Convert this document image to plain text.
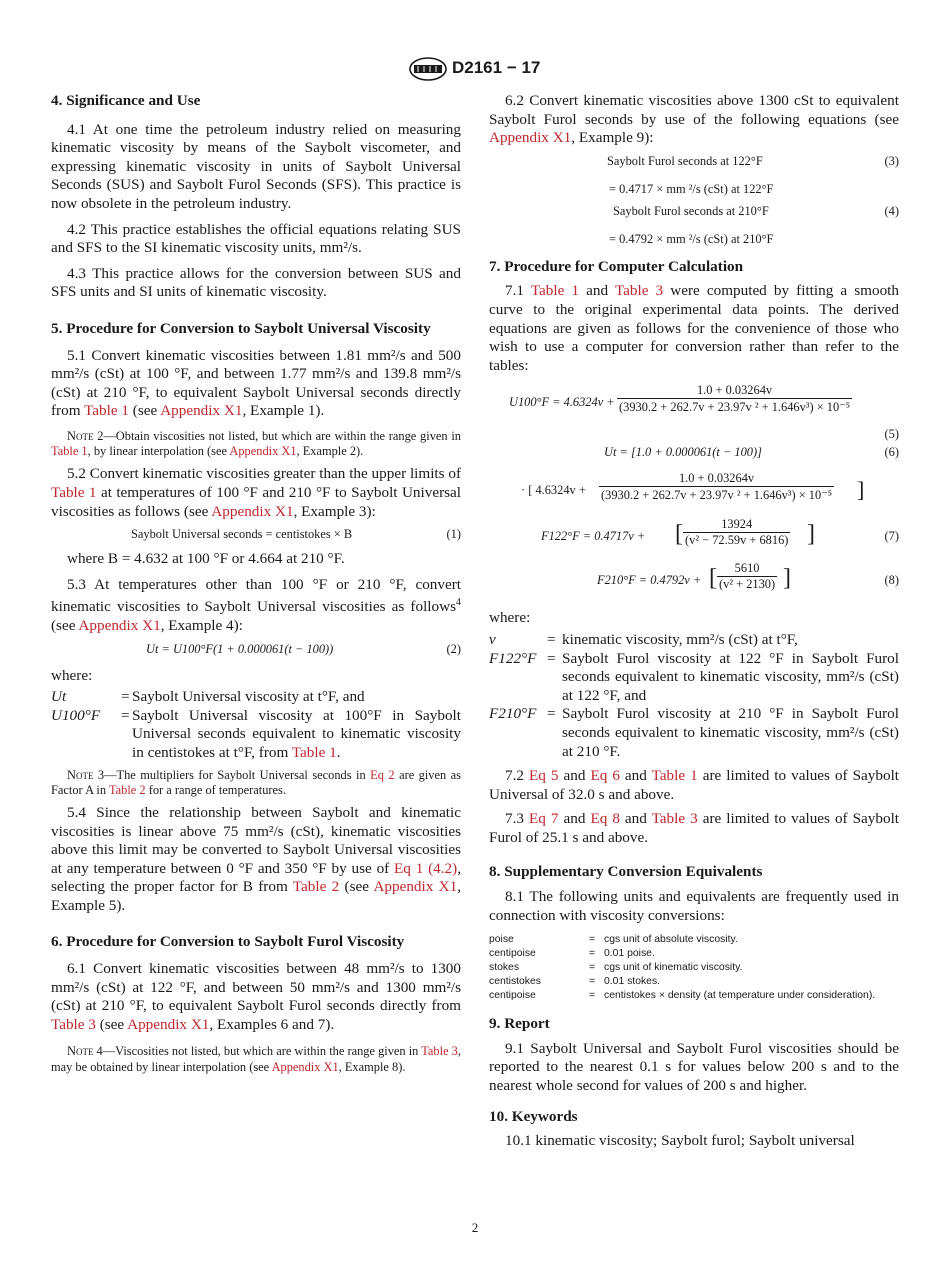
D2161 − 17
4. Significance and Use

4.1 At one time the petroleum industry relied on measuring kinematic viscosity by means of the Saybolt viscometer, and expressing kinematic viscosity in units of Saybolt Universal Seconds (SUS) and Saybolt Furol Seconds (SFS). This practice is now obsolete in the petroleum industry.

4.2 This practice establishes the official equations relating SUS and SFS to the SI kinematic viscosity units, mm²/s.

4.3 This practice allows for the conversion between SUS and SFS units and SI units of kinematic viscosity.

5. Procedure for Conversion to Saybolt Universal Viscosity

5.1 Convert kinematic viscosities between 1.81 mm²/s and 500 mm²/s (cSt) at 100 °F, and between 1.77 mm²/s and 139.8 mm²/s (cSt) at 210 °F, to equivalent Saybolt Universal seconds directly from Table 1 (see Appendix X1, Example 1).

Note 2—Obtain viscosities not listed, but which are within the range given in Table 1, by linear interpolation (see Appendix X1, Example 2).

5.2 Convert kinematic viscosities greater than the upper limits of Table 1 at temperatures of 100 °F and 210 °F to Saybolt Universal viscosities as follows (see Appendix X1, Example 3):

Saybolt Universal seconds = centistokes × B	(1)

where B = 4.632 at 100 °F or 4.664 at 210 °F.

5.3 At temperatures other than 100 °F or 210 °F, convert kinematic viscosities to Saybolt Universal viscosities as follows$^4$ (see Appendix X1, Example 4):

Ut = U100°F(1 + 0.000061(t − 100))	(2)

where:

Ut	= Saybolt Universal viscosity at t°F, and
U100°F = Saybolt Universal viscosity at 100°F in Saybolt Universal seconds equivalent to kinematic viscosity in centistokes at t°F, from Table 1.

Note 3—The multipliers for Saybolt Universal seconds in Eq 2 are given as Factor A in Table 2 for a range of temperatures.

5.4 Since the relationship between Saybolt and kinematic viscosities is linear above 75 mm²/s (cSt), kinematic viscosities above this limit may be converted to Saybolt Universal viscosities at any temperature between 0 °F and 350 °F by use of Eq 1 (4.2), selecting the proper factor for B from Table 2 (see Appendix X1, Example 5).

6. Procedure for Conversion to Saybolt Furol Viscosity

6.1 Convert kinematic viscosities between 48 mm²/s to 1300 mm²/s (cSt) at 122 °F, and between 50 mm²/s and 1300 mm²/s (cSt) at 210 °F, to equivalent Saybolt Furol seconds directly from Table 3 (see Appendix X1, Examples 6 and 7).

Note 4—Viscosities not listed, but which are within the range given in Table 3, may be obtained by linear interpolation (see Appendix X1, Example 8).

6.2 Convert kinematic viscosities above 1300 cSt to equivalent Saybolt Furol seconds by use of the following equations (see Appendix X1, Example 9):

Saybolt Furol seconds at 122°F	(3)
= 0.4717 × mm ²/s (cSt) at 122°F
Saybolt Furol seconds at 210°F	(4)
= 0.4792 × mm ²/s (cSt) at 210°F
7. Procedure for Computer Calculation

7.1 Table 1 and Table 3 were computed by fitting a smooth curve to the original experimental data points. The derived equations are given as follows for the convenience of those who wish to use a computer for conversion rather than refer to the tables:

$U100^\circ F = 4.6324v + \frac{1.0 + 0.03264v}{\text{(3930.2 + 262.7v + 23.97v ² + 1.646v³) × 10⁻⁵}}$
(5)
Ut = [1.0 + 0.000061(t − 100)]	(6)
· [ $4.6324v + \frac{1.0 + 0.03264v}{\text{(3930.2 + 262.7v + 23.97v ² + 1.646v³) × 10⁻⁵}}$ ]
F122°F = 0.4717v + [ $\frac{13924}{\text{(v² − 72.59v + 6816)}}$ ]	(7)
F210°F = 0.4792v + [ $\frac{5610}{\text{(v² + 2130)}}$ ]	(8)

where:

v	= kinematic viscosity, mm²/s (cSt) at t°F,
F122°F = Saybolt Furol viscosity at 122 °F in Saybolt Furol seconds equivalent to kinematic viscosity, mm²/s (cSt) at 122 °F, and
F210°F = Saybolt Furol viscosity at 210 °F in Saybolt Furol seconds equivalent to kinematic viscosity, mm²/s (cSt) at 210 °F.

7.2 Eq 5 and Eq 6 and Table 1 are limited to values of Saybolt Universal of 32.0 s and above.

7.3 Eq 7 and Eq 8 and Table 3 are limited to values of Saybolt Furol of 25.1 s and above.

8. Supplementary Conversion Equivalents

8.1 The following units and equivalents are frequently used in connection with viscosity conversions:

poise	= cgs unit of absolute viscosity.
centipoise	= 0.01 poise.
stokes	= cgs unit of kinematic viscosity.
centistokes	= 0.01 stokes.
centipoise	= centistokes × density (at temperature under consideration).
9. Report

9.1 Saybolt Universal and Saybolt Furol viscosities should be reported to the nearest 0.1 s for values below 200 s and to the nearest whole second for values of 200 s and higher.

10. Keywords

10.1 kinematic viscosity; Saybolt furol; Saybolt universal

2
